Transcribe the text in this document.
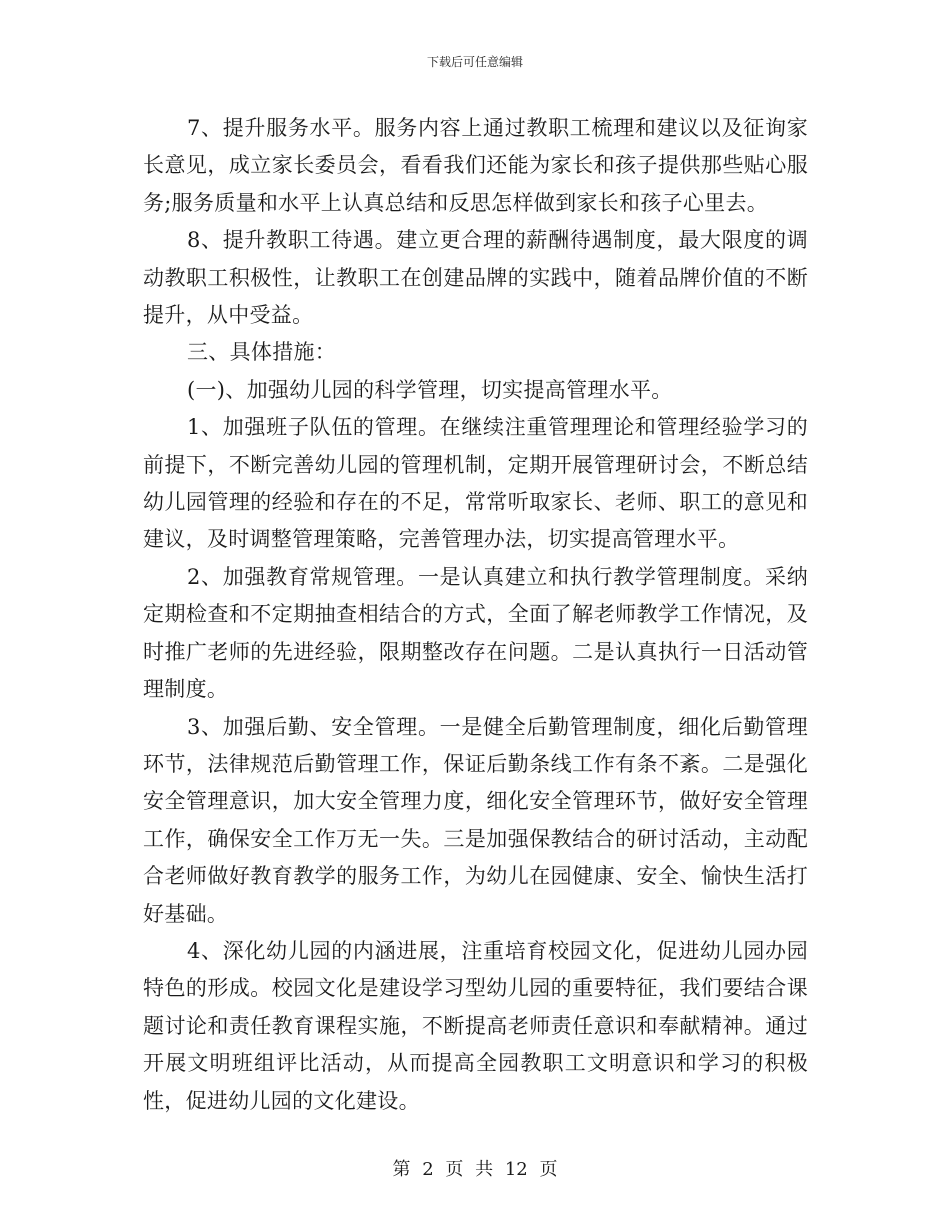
下载后可任意编辑

7、提升服务水平。服务内容上通过教职工梳理和建议以及征询家长意见，成立家长委员会，看看我们还能为家长和孩子提供那些贴心服务;服务质量和水平上认真总结和反思怎样做到家长和孩子心里去。

8、提升教职工待遇。建立更合理的薪酬待遇制度，最大限度的调动教职工积极性，让教职工在创建品牌的实践中，随着品牌价值的不断提升，从中受益。

三、具体措施：

(一)、加强幼儿园的科学管理，切实提高管理水平。

1、加强班子队伍的管理。在继续注重管理理论和管理经验学习的前提下，不断完善幼儿园的管理机制，定期开展管理研讨会，不断总结幼儿园管理的经验和存在的不足，常常听取家长、老师、职工的意见和建议，及时调整管理策略，完善管理办法，切实提高管理水平。

2、加强教育常规管理。一是认真建立和执行教学管理制度。采纳定期检查和不定期抽查相结合的方式，全面了解老师教学工作情况，及时推广老师的先进经验，限期整改存在问题。二是认真执行一日活动管理制度。

3、加强后勤、安全管理。一是健全后勤管理制度，细化后勤管理环节，法律规范后勤管理工作，保证后勤条线工作有条不紊。二是强化安全管理意识，加大安全管理力度，细化安全管理环节，做好安全管理工作，确保安全工作万无一失。三是加强保教结合的研讨活动，主动配合老师做好教育教学的服务工作，为幼儿在园健康、安全、愉快生活打好基础。

4、深化幼儿园的内涵进展，注重培育校园文化，促进幼儿园办园特色的形成。校园文化是建设学习型幼儿园的重要特征，我们要结合课题讨论和责任教育课程实施，不断提高老师责任意识和奉献精神。通过开展文明班组评比活动，从而提高全园教职工文明意识和学习的积极性，促进幼儿园的文化建设。

第 2 页 共 12 页
